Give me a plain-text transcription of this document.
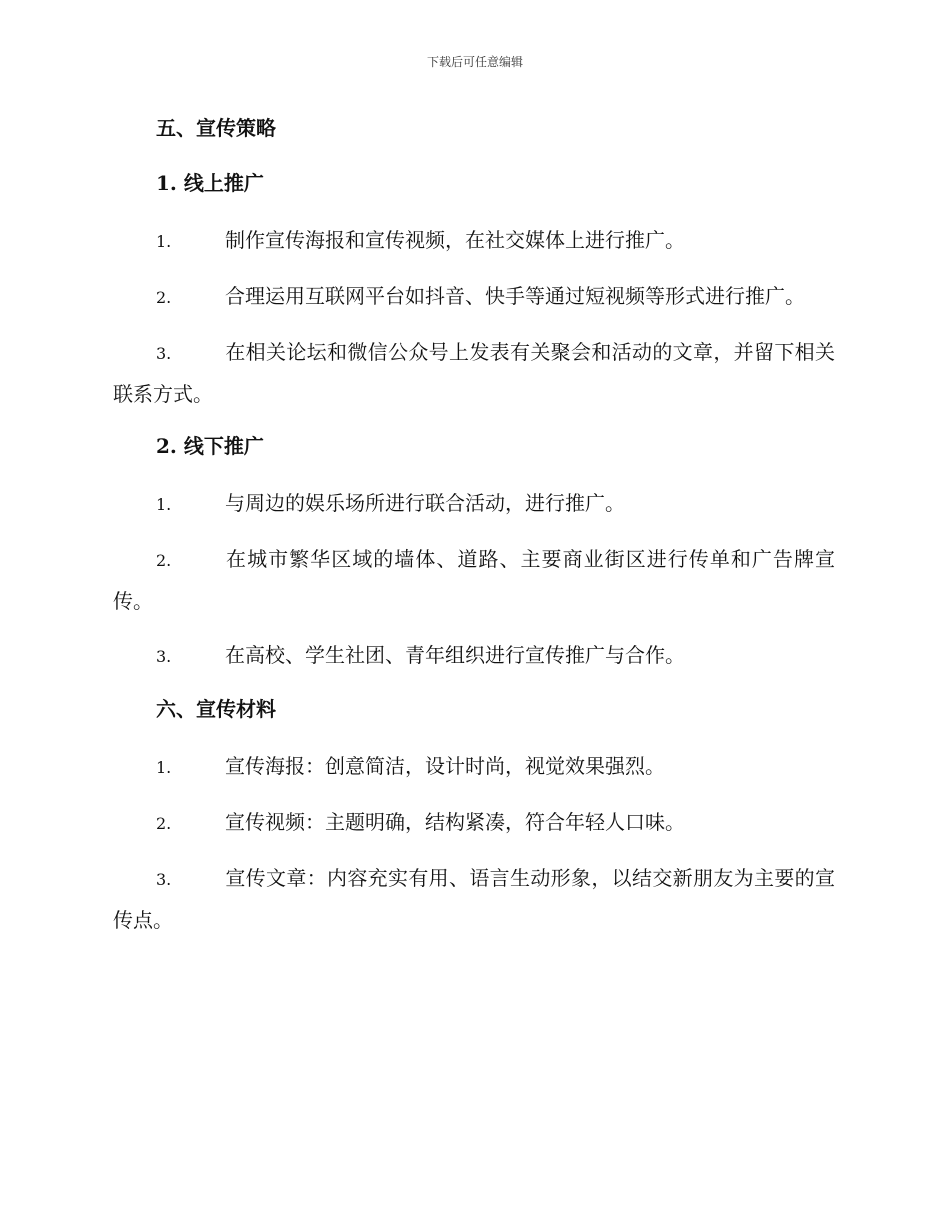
下载后可任意编辑
五、宣传策略
1. 线上推广

1.	制作宣传海报和宣传视频，在社交媒体上进行推广。

2.	合理运用互联网平台如抖音、快手等通过短视频等形式进行推广。

3.	在相关论坛和微信公众号上发表有关聚会和活动的文章，并留下相关联系方式。

2. 线下推广

1.	与周边的娱乐场所进行联合活动，进行推广。

2.	在城市繁华区域的墙体、道路、主要商业街区进行传单和广告牌宣传。

3.	在高校、学生社团、青年组织进行宣传推广与合作。

六、宣传材料

1.	宣传海报：创意简洁，设计时尚，视觉效果强烈。

2.	宣传视频：主题明确，结构紧凑，符合年轻人口味。

3.	宣传文章：内容充实有用、语言生动形象，以结交新朋友为主要的宣传点。
